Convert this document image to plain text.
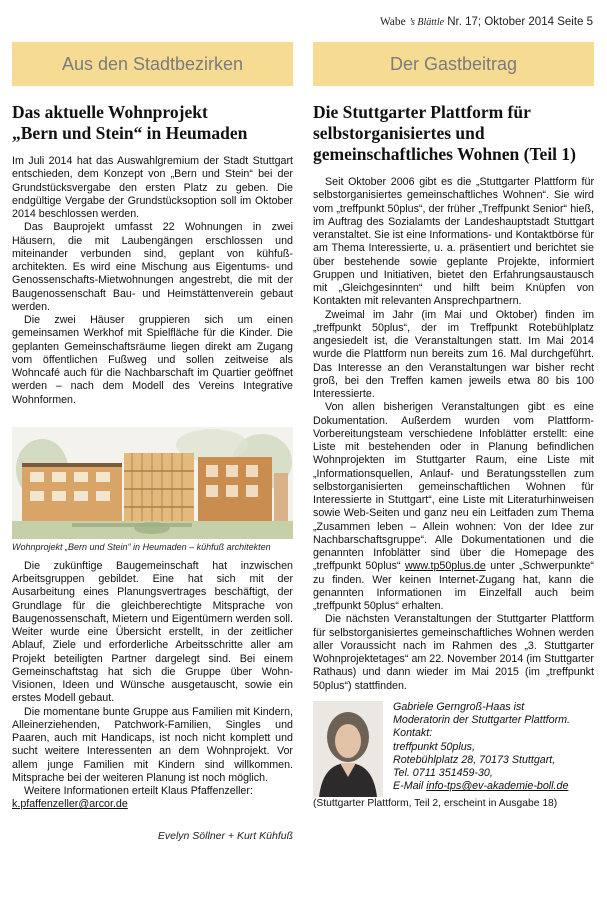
Wabe ’s Blättle Nr. 17; Oktober 2014 Seite 5
Aus den Stadtbezirken
Das aktuelle Wohnprojekt
„Bern und Stein“ in Heumaden

Im Juli 2014 hat das Auswahlgremium der Stadt Stuttgart entschieden, dem Konzept von „Bern und Stein“ bei der Grundstücksvergabe den ersten Platz zu geben. Die endgültige Vergabe der Grundstücksoption soll im Oktober 2014 beschlossen werden.

Das Bauprojekt umfasst 22 Wohnungen in zwei Häusern, die mit Laubengängen erschlossen und miteinander verbunden sind, geplant von kühfuß-architekten. Es wird eine Mischung aus Eigentums- und Genossenschafts-Mietwohnungen angestrebt, die mit der Baugenossenschaft Bau- und Heimstättenverein gebaut werden.

Die zwei Häuser gruppieren sich um einen gemeinsamen Werkhof mit Spielfläche für die Kinder. Die geplanten Gemeinschaftsräume liegen direkt am Zugang vom öffentlichen Fußweg und sollen zeitweise als Wohncafé auch für die Nachbarschaft im Quartier geöffnet werden – nach dem Modell des Vereins Integrative Wohnformen.

Wohnprojekt „Bern und Stein“ in Heumaden – kühfuß architekten

Die zukünftige Baugemeinschaft hat inzwischen Arbeitsgruppen gebildet. Eine hat sich mit der Ausarbeitung eines Planungsvertrages beschäftigt, der Grundlage für die gleichberechtigte Mitsprache von Baugenossenschaft, Mietern und Eigentümern werden soll. Weiter wurde eine Übersicht erstellt, in der zeitlicher Ablauf, Ziele und erforderliche Arbeitsschritte aller am Projekt beteiligten Partner dargelegt sind. Bei einem Gemeinschaftstag hat sich die Gruppe über Wohn-Visionen, Ideen und Wünsche ausgetauscht, sowie ein erstes Modell gebaut.

Die momentane bunte Gruppe aus Familien mit Kindern, Alleinerziehenden, Patchwork-Familien, Singles und Paaren, auch mit Handicaps, ist noch nicht komplett und sucht weitere Interessenten an dem Wohnprojekt. Vor allem junge Familien mit Kindern sind willkommen. Mitsprache bei der weiteren Planung ist noch möglich.

Weitere Informationen erteilt Klaus Pfaffenzeller:

k.pfaffenzeller@arcor.de

Evelyn Söllner + Kurt Kühfuß
Der Gastbeitrag
Die Stuttgarter Plattform für
selbstorganisiertes und
gemeinschaftliches Wohnen (Teil 1)

Seit Oktober 2006 gibt es die „Stuttgarter Plattform für selbstorganisiertes gemeinschaftliches Wohnen“. Sie wird vom „treffpunkt 50plus“, der früher „Treffpunkt Senior“ hieß, im Auftrag des Sozialamts der Landeshauptstadt Stuttgart veranstaltet. Sie ist eine Informations- und Kontaktbörse für am Thema Interessierte, u. a. präsentiert und berichtet sie über bestehende sowie geplante Projekte, informiert Gruppen und Initiativen, bietet den Erfahrungsaustausch mit „Gleichgesinnten“ und hilft beim Knüpfen von Kontakten mit relevanten Ansprechpartnern.

Zweimal im Jahr (im Mai und Oktober) finden im „treffpunkt 50plus“, der im Treffpunkt Rotebühlplatz angesiedelt ist, die Veranstaltungen statt. Im Mai 2014 wurde die Plattform nun bereits zum 16. Mal durchgeführt. Das Interesse an den Veranstaltungen war bisher recht groß, bei den Treffen kamen jeweils etwa 80 bis 100 Interessierte.

Von allen bisherigen Veranstaltungen gibt es eine Dokumentation. Außerdem wurden vom Plattform-Vorbereitungsteam verschiedene Infoblätter erstellt: eine Liste mit bestehenden oder in Planung befindlichen Wohnprojekten im Stuttgarter Raum, eine Liste mit „Informationsquellen, Anlauf- und Beratungsstellen zum selbstorganisierten gemeinschaftlichen Wohnen für Interessierte in Stuttgart“, eine Liste mit Literaturhinweisen sowie Web-Seiten und ganz neu ein Leitfaden zum Thema „Zusammen leben – Allein wohnen: Von der Idee zur Nachbarschaftsgruppe“. Alle Dokumentationen und die genannten Infoblätter sind über die Homepage des „treffpunkt 50plus“ www.tp50plus.de unter „Schwerpunkte“ zu finden. Wer keinen Internet-Zugang hat, kann die genannten Informationen im Einzelfall auch beim „treffpunkt 50plus“ erhalten.

Die nächsten Veranstaltungen der Stuttgarter Plattform für selbstorganisiertes gemeinschaftliches Wohnen werden aller Voraussicht nach im Rahmen des „3. Stuttgarter Wohnprojektetages“ am 22. November 2014 (im Stuttgarter Rathaus) und dann wieder im Mai 2015 (im „treffpunkt 50plus“) stattfinden.

Gabriele Gerngroß-Haas ist
Moderatorin der Stuttgarter Plattform.
Kontakt:
treffpunkt 50plus,
Rotebühlplatz 28, 70173 Stuttgart,
Tel. 0711 351459-30,
E-Mail info-tps@ev-akademie-boll.de
(Stuttgarter Plattform, Teil 2, erscheint in Ausgabe 18)
